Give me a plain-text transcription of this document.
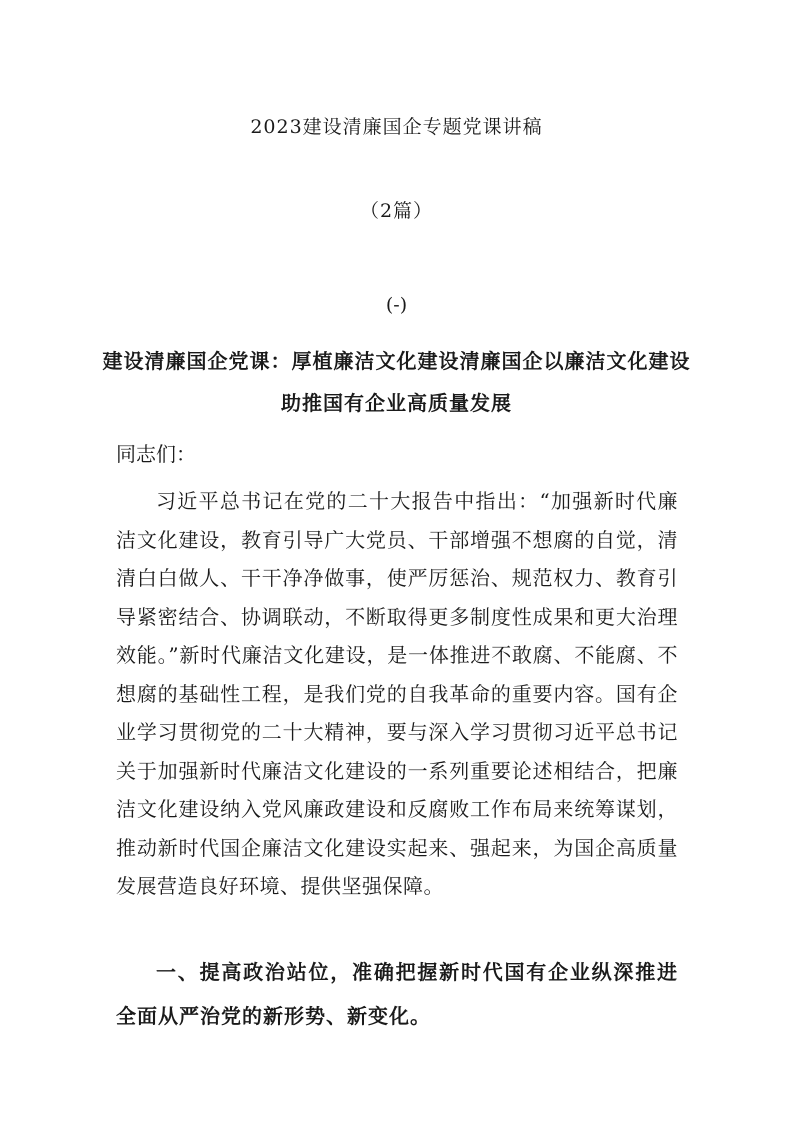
2023建设清廉国企专题党课讲稿
（2篇）
(-)
建设清廉国企党课：厚植廉洁文化建设清廉国企以廉洁文化建设助推国有企业高质量发展
同志们：

习近平总书记在党的二十大报告中指出：“加强新时代廉洁文化建设，教育引导广大党员、干部增强不想腐的自觉，清清白白做人、干干净净做事，使严厉惩治、规范权力、教育引导紧密结合、协调联动，不断取得更多制度性成果和更大治理效能。”新时代廉洁文化建设，是一体推进不敢腐、不能腐、不想腐的基础性工程，是我们党的自我革命的重要内容。国有企业学习贯彻党的二十大精神，要与深入学习贯彻习近平总书记关于加强新时代廉洁文化建设的一系列重要论述相结合，把廉洁文化建设纳入党风廉政建设和反腐败工作布局来统筹谋划，推动新时代国企廉洁文化建设实起来、强起来，为国企高质量发展营造良好环境、提供坚强保障。

一、提高政治站位，准确把握新时代国有企业纵深推进全面从严治党的新形势、新变化。
